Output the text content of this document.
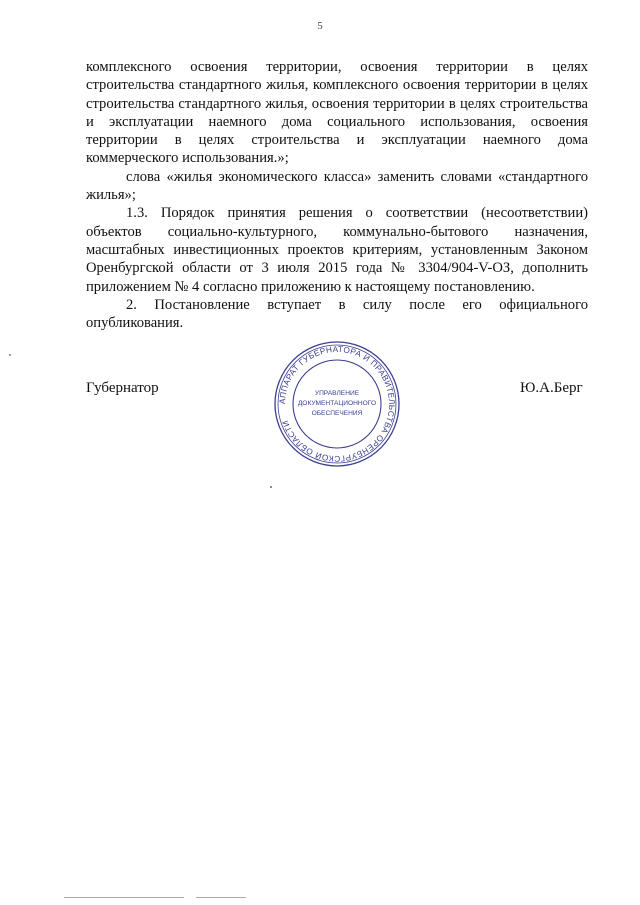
5

комплексного освоения территории, освоения территории в целях строительства стандартного жилья, комплексного освоения территории в целях строительства стандартного жилья, освоения территории в целях строительства и эксплуатации наемного дома социального использования, освоения территории в целях строительства и эксплуатации наемного дома коммерческого использования.»;

слова «жилья экономического класса» заменить словами «стандартного жилья»;

1.3. Порядок принятия решения о соответствии (несоответствии) объектов социально-культурного, коммунально-бытового назначения, масштабных инвестиционных проектов критериям, установленным Законом Оренбургской области от 3 июля 2015 года № 3304/904-V-ОЗ, дополнить приложением № 4 согласно приложению к настоящему постановлению.

2. Постановление вступает в силу после его официального опубликования.

Губернатор	Ю.А.Берг
АППАРАТ ГУБЕРНАТОРА И ПРАВИТЕЛЬСТВА ОРЕНБУРГСКОЙ ОБЛАСТИ
УПРАВЛЕНИЕ
ДОКУМЕНТАЦИОННОГО
ОБЕСПЕЧЕНИЯ
